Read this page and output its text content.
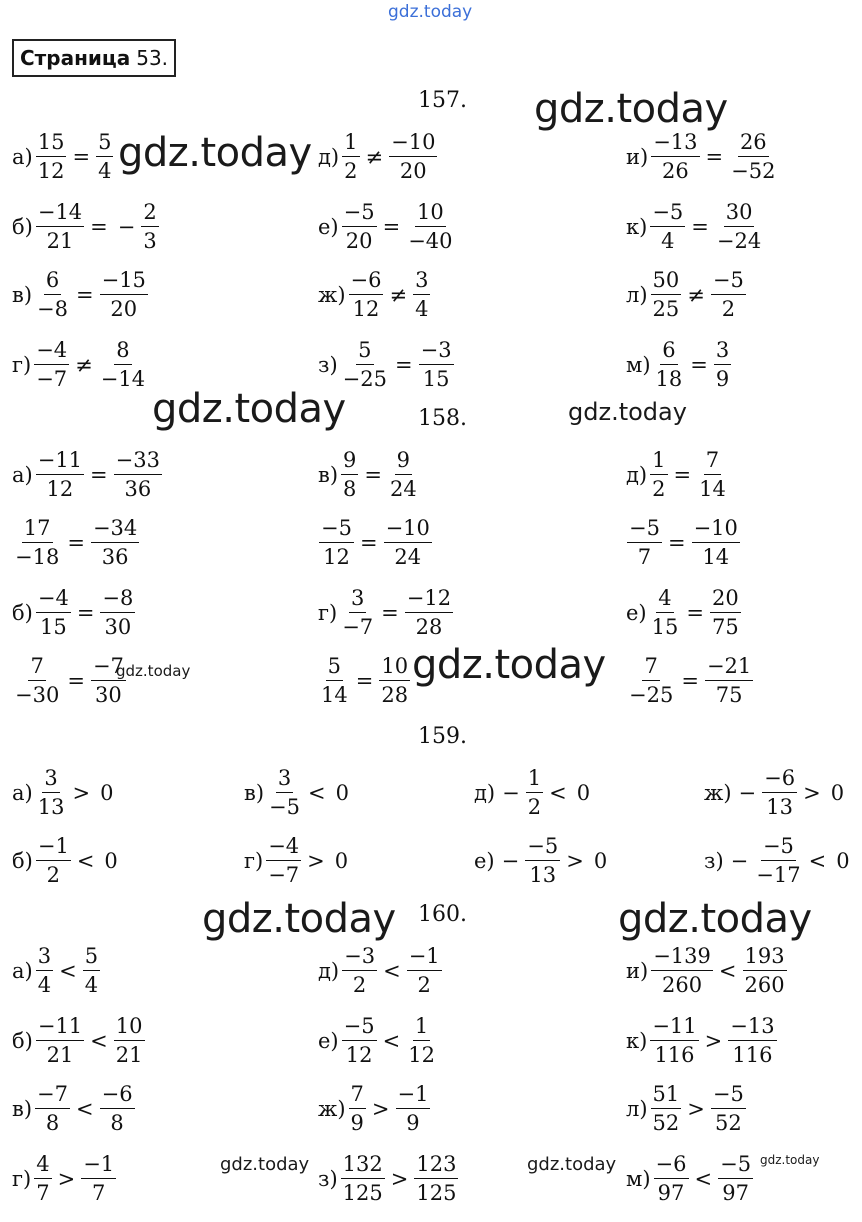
gdz.today
gdz.today
gdz.today
gdz.today	gdz.today
gdz.today
gdz.today
gdz.today	gdz.today
gdz.today	gdz.today	gdz.today
Страница 53.
157.
158.
159.
160.
$а) \frac{15}{12} = \frac{5}{4}$
$б) \frac{-14}{21}$ = − $\frac{2}{3}$
$в) \frac{6}{-8} = \frac{-15}{20}$
$г) \frac{-4}{-7} \ne \frac{8}{-14}$
$д) \frac{1}{2} \ne \frac{-10}{20}$
$е) \frac{-5}{20} = \frac{10}{-40}$
$ж) \frac{-6}{12} \ne \frac{3}{4}$
$з) \frac{5}{-25} = \frac{-3}{15}$
$и) \frac{-13}{26} = \frac{26}{-52}$
$к) \frac{-5}{4} = \frac{30}{-24}$
$л) \frac{50}{25} \ne \frac{-5}{2}$
$м) \frac{6}{18} = \frac{3}{9}$
$а) \frac{-11}{12} = \frac{-33}{36}$
$\frac{17}{-18} = \frac{-34}{36}$
$б) \frac{-4}{15} = \frac{-8}{30}$
$\frac{7}{-30} = \frac{-7}{30}$
$в) \frac{9}{8} = \frac{9}{24}$
$\frac{-5}{12} = \frac{-10}{24}$
$г) \frac{3}{-7} = \frac{-12}{28}$
$\frac{5}{14} = \frac{10}{28}$
$д) \frac{1}{2} = \frac{7}{14}$
$\frac{-5}{7} = \frac{-10}{14}$
$е) \frac{4}{15} = \frac{20}{75}$
$\frac{7}{-25} = \frac{-21}{75}$
$а) \frac{3}{13} > 0$
$б) \frac{-1}{2} < 0$
$в) \frac{3}{-5} < 0$
$г) \frac{-4}{-7} > 0$
$д) - \frac{1}{2} < 0$
$е) - \frac{-5}{13} > 0$
$ж) - \frac{-6}{13} > 0$
$з) - \frac{-5}{-17} < 0$
$а) \frac{3}{4} < \frac{5}{4}$
$б) \frac{-11}{21} < \frac{10}{21}$
$в) \frac{-7}{8} < \frac{-6}{8}$
$г) \frac{4}{7} > \frac{-1}{7}$
$д) \frac{-3}{2} < \frac{-1}{2}$
$е) \frac{-5}{12} < \frac{1}{12}$
$ж) \frac{7}{9} > \frac{-1}{9}$
$з) \frac{132}{125} > \frac{123}{125}$
$и) \frac{-139}{260} < \frac{193}{260}$
$к) \frac{-11}{116} > \frac{-13}{116}$
$л) \frac{51}{52} > \frac{-5}{52}$
$м) \frac{-6}{97} < \frac{-5}{97}$
